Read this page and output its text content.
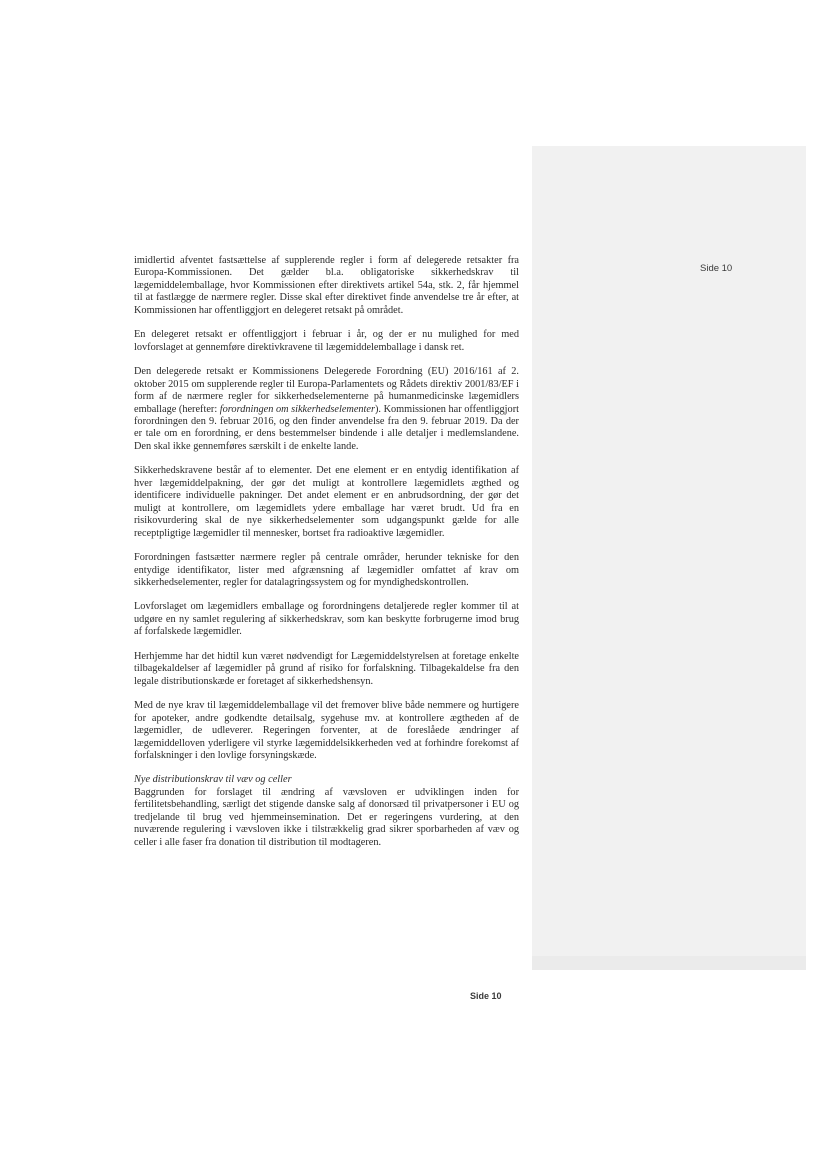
Side 10

imidlertid afventet fastsættelse af supplerende regler i form af delegerede retsakter fra Europa-Kommissionen. Det gælder bl.a. obligatoriske sikkerhedskrav til lægemiddelemballage, hvor Kommissionen efter direktivets artikel 54a, stk. 2, får hjemmel til at fastlægge de nærmere regler. Disse skal efter direktivet finde anvendelse tre år efter, at Kommissionen har offentliggjort en delegeret retsakt på området.

En delegeret retsakt er offentliggjort i februar i år, og der er nu mulighed for med lovforslaget at gennemføre direktivkravene til lægemiddelemballage i dansk ret.

Den delegerede retsakt er Kommissionens Delegerede Forordning (EU) 2016/161 af 2. oktober 2015 om supplerende regler til Europa-Parlamentets og Rådets direktiv 2001/83/EF i form af de nærmere regler for sikkerhedselementerne på humanmedicinske lægemidlers emballage (herefter: forordningen om sikkerhedselementer). Kommissionen har offentliggjort forordningen den 9. februar 2016, og den finder anvendelse fra den 9. februar 2019. Da der er tale om en forordning, er dens bestemmelser bindende i alle detaljer i medlemslandene. Den skal ikke gennemføres særskilt i de enkelte lande.

Sikkerhedskravene består af to elementer. Det ene element er en entydig identifikation af hver lægemiddelpakning, der gør det muligt at kontrollere lægemidlets ægthed og identificere individuelle pakninger. Det andet element er en anbrudsordning, der gør det muligt at kontrollere, om lægemidlets ydere emballage har været brudt. Ud fra en risikovurdering skal de nye sikkerhedselementer som udgangspunkt gælde for alle receptpligtige lægemidler til mennesker, bortset fra radioaktive lægemidler.

Forordningen fastsætter nærmere regler på centrale områder, herunder tekniske for den entydige identifikator, lister med afgrænsning af lægemidler omfattet af krav om sikkerhedselementer, regler for datalagringssystem og for myndighedskontrollen.

Lovforslaget om lægemidlers emballage og forordningens detaljerede regler kommer til at udgøre en ny samlet regulering af sikkerhedskrav, som kan beskytte forbrugerne imod brug af forfalskede lægemidler.

Herhjemme har det hidtil kun været nødvendigt for Lægemiddelstyrelsen at foretage enkelte tilbagekaldelser af lægemidler på grund af risiko for forfalskning. Tilbagekaldelse fra den legale distributionskæde er foretaget af sikkerhedshensyn.

Med de nye krav til lægemiddelemballage vil det fremover blive både nemmere og hurtigere for apoteker, andre godkendte detailsalg, sygehuse mv. at kontrollere ægtheden af de lægemidler, de udleverer. Regeringen forventer, at de foreslåede ændringer af lægemiddelloven yderligere vil styrke lægemiddelsikkerheden ved at forhindre forekomst af forfalskninger i den lovlige forsyningskæde.

Nye distributionskrav til væv og celler

Baggrunden for forslaget til ændring af vævsloven er udviklingen inden for fertilitetsbehandling, særligt det stigende danske salg af donorsæd til privatpersoner i EU og tredjelande til brug ved hjemmeinsemination. Det er regeringens vurdering, at den nuværende regulering i vævsloven ikke i tilstrækkelig grad sikrer sporbarheden af væv og celler i alle faser fra donation til distribution til modtageren.

Side 10
